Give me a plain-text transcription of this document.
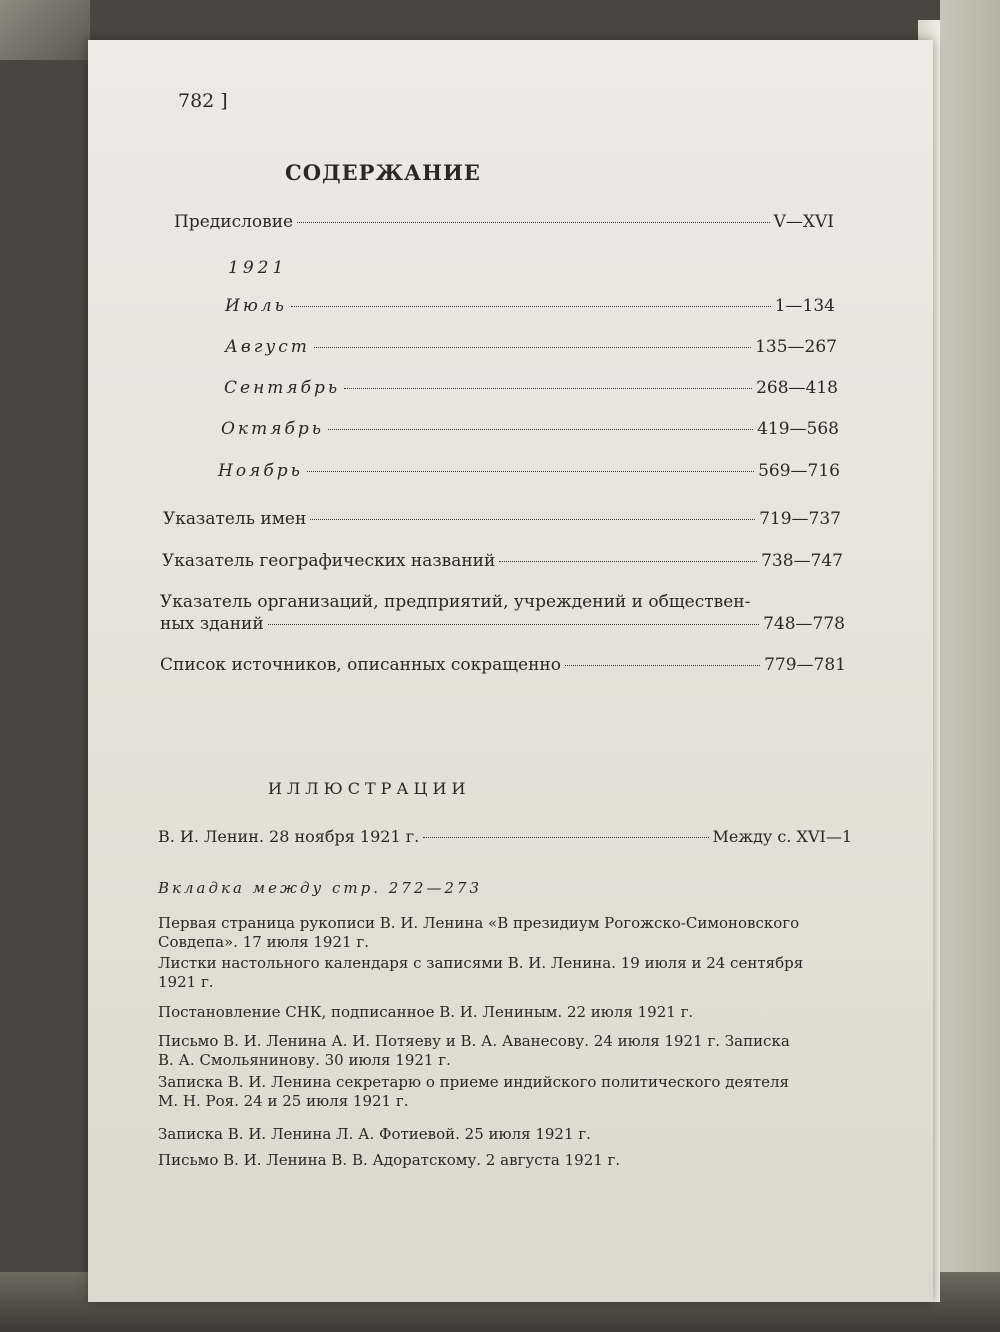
782 ]
СОДЕРЖАНИЕ
Предисловие	V—XVI
1921
Июль	1—134
Август	135—267
Сентябрь	268—418
Октябрь	419—568
Ноябрь	569—716
Указатель имен	719—737
Указатель географических названий	738—747
Указатель организаций, предприятий, учреждений и обществен-
ных зданий	748—778
Список источников, описанных сокращенно	779—781
ИЛЛЮСТРАЦИИ
В. И. Ленин. 28 ноября 1921 г.	Между с. XVI—1
Вкладка между стр. 272—273
Первая страница рукописи В. И. Ленина «В президиум Рогожско-Симоновского
Совдепа». 17 июля 1921 г.
Листки настольного календаря с записями В. И. Ленина. 19 июля и 24 сентября
1921 г.
Постановление СНК, подписанное В. И. Лениным. 22 июля 1921 г.
Письмо В. И. Ленина А. И. Потяеву и В. А. Аванесову. 24 июля 1921 г. Записка
В. А. Смольянинову. 30 июля 1921 г.
Записка В. И. Ленина секретарю о приеме индийского политического деятеля
М. Н. Роя. 24 и 25 июля 1921 г.
Записка В. И. Ленина Л. А. Фотиевой. 25 июля 1921 г.
Письмо В. И. Ленина В. В. Адоратскому. 2 августа 1921 г.
